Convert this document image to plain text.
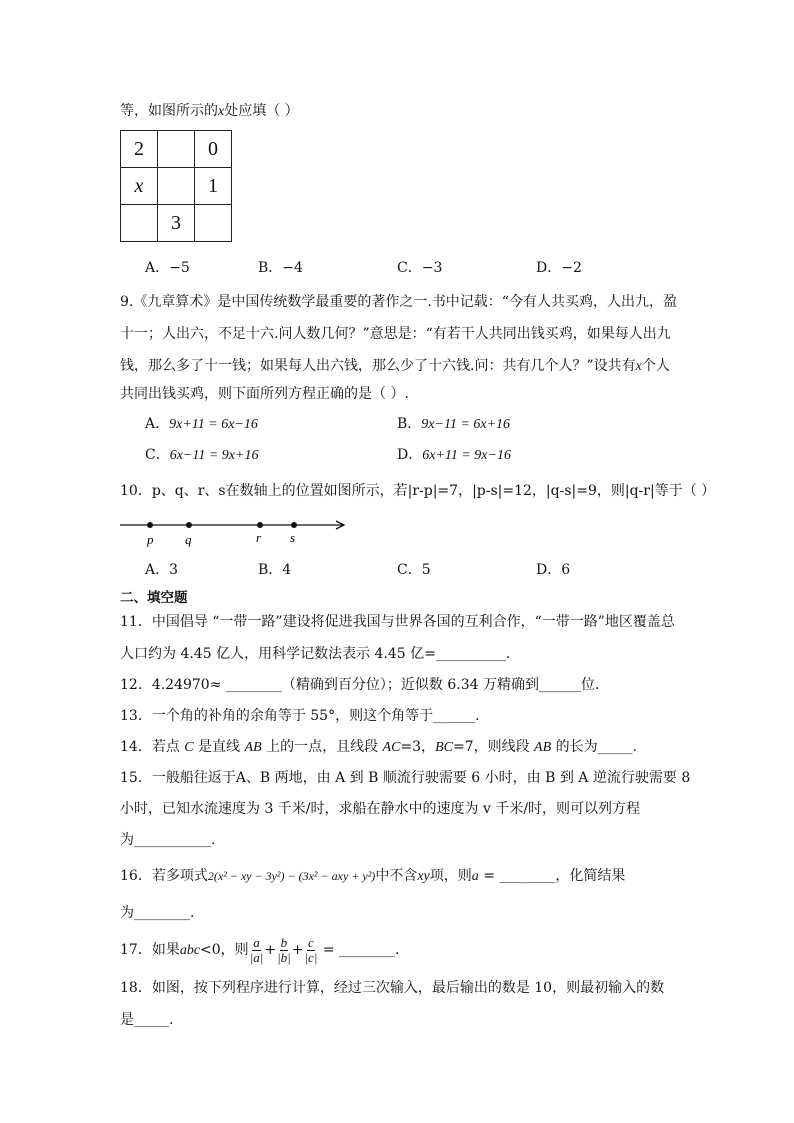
等，如图所示的x处应填（ ）
2		0
x		1
	3	
A．−5	B．−4	C．−3	D．−2
9.《九章算术》是中国传统数学最重要的著作之一.书中记载：“今有人共买鸡，人出九，盈
十一；人出六，不足十六.问人数几何？”意思是：“有若干人共同出钱买鸡，如果每人出九
钱，那么多了十一钱；如果每人出六钱，那么少了十六钱.问：共有几个人？”设共有x个人
共同出钱买鸡，则下面所列方程正确的是（ ）.
A．9x+11 = 6x−16	B．9x−11 = 6x+16
C．6x−11 = 9x+16	D．6x+11 = 9x−16
10．p、q、r、s在数轴上的位置如图所示，若|r-p|=7，|p-s|=12，|q-s|=9，则|q-r|等于（ ）
p q	r s
A．3	B．4	C．5	D．6
二、填空题
11．中国倡导 “一带一路”建设将促进我国与世界各国的互利合作，“一带一路”地区覆盖总
人口约为 4.45 亿人，用科学记数法表示 4.45 亿=__________.
12．4.24970≈ ________（精确到百分位）；近似数 6.34 万精确到______位.
13．一个角的补角的余角等于 55°，则这个角等于______.
14．若点 C 是直线 AB 上的一点，且线段 AC=3，BC=7，则线段 AB 的长为_____.
15．一般船往返于A、B 两地，由 A 到 B 顺流行驶需要 6 小时，由 B 到 A 逆流行驶需要 8
小时，已知水流速度为 3 千米/时，求船在静水中的速度为 v 千米/时，则可以列方程
为___________.
16．若多项式2(x² − xy − 3y²) − (3x² − axy + y²)中不含xy项，则a = ________，化简结果
为________.
17．如果abc<0，则 $\frac{a}{|a|} + \frac{b}{|b|} + \frac{c}{|c|}$ = ________.
18．如图，按下列程序进行计算，经过三次输入，最后输出的数是 10，则最初输入的数
是_____.
